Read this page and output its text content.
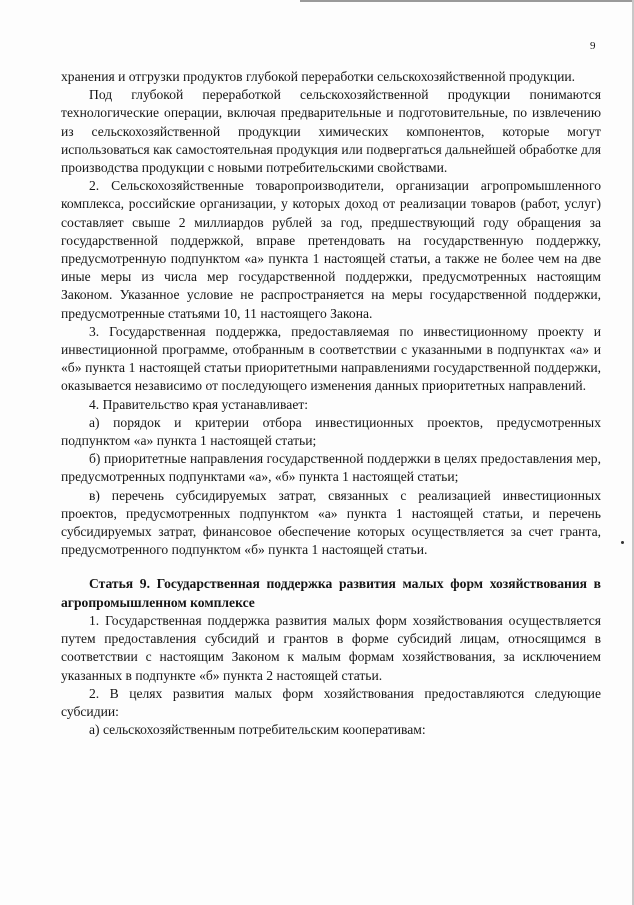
9

хранения и отгрузки продуктов глубокой переработки сельскохозяйственной продукции.

Под глубокой переработкой сельскохозяйственной продукции понимаются технологические операции, включая предварительные и подготовительные, по извлечению из сельскохозяйственной продукции химических компонентов, которые могут использоваться как самостоятельная продукция или подвергаться дальнейшей обработке для производства продукции с новыми потребительскими свойствами.

2. Сельскохозяйственные товаропроизводители, организации агропромышленного комплекса, российские организации, у которых доход от реализации товаров (работ, услуг) составляет свыше 2 миллиардов рублей за год, предшествующий году обращения за государственной поддержкой, вправе претендовать на государственную поддержку, предусмотренную подпунктом «а» пункта 1 настоящей статьи, а также не более чем на две иные меры из числа мер государственной поддержки, предусмотренных настоящим Законом. Указанное условие не распространяется на меры государственной поддержки, предусмотренные статьями 10, 11 настоящего Закона.

3. Государственная поддержка, предоставляемая по инвестиционному проекту и инвестиционной программе, отобранным в соответствии с указанными в подпунктах «а» и «б» пункта 1 настоящей статьи приоритетными направлениями государственной поддержки, оказывается независимо от последующего изменения данных приоритетных направлений.

4. Правительство края устанавливает:

а) порядок и критерии отбора инвестиционных проектов, предусмотренных подпунктом «а» пункта 1 настоящей статьи;

б) приоритетные направления государственной поддержки в целях предоставления мер, предусмотренных подпунктами «а», «б» пункта 1 настоящей статьи;

в) перечень субсидируемых затрат, связанных с реализацией инвестиционных проектов, предусмотренных подпунктом «а» пункта 1 настоящей статьи, и перечень субсидируемых затрат, финансовое обеспечение которых осуществляется за счет гранта, предусмотренного подпунктом «б» пункта 1 настоящей статьи.

Статья 9. Государственная поддержка развития малых форм хозяйствования в агропромышленном комплексе

1. Государственная поддержка развития малых форм хозяйствования осуществляется путем предоставления субсидий и грантов в форме субсидий лицам, относящимся в соответствии с настоящим Законом к малым формам хозяйствования, за исключением указанных в подпункте «б» пункта 2 настоящей статьи.

2. В целях развития малых форм хозяйствования предоставляются следующие субсидии:

а) сельскохозяйственным потребительским кооперативам:
